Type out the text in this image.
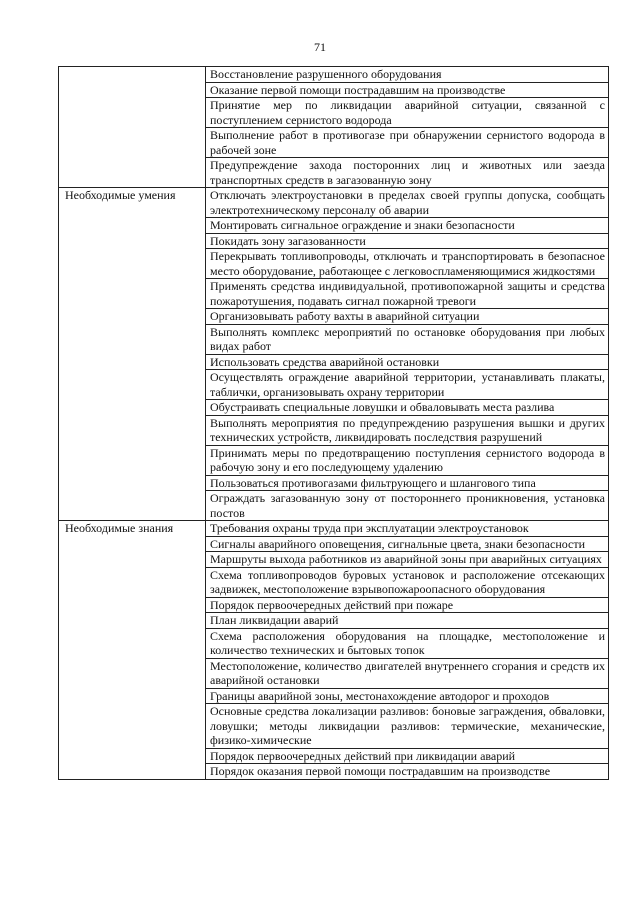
71
	Восстановление разрушенного оборудования
	Оказание первой помощи пострадавшим на производстве
	Принятие мер по ликвидации аварийной ситуации, связанной с поступлением сернистого водорода
	Выполнение работ в противогазе при обнаружении сернистого водорода в рабочей зоне
	Предупреждение захода посторонних лиц и животных или заезда транспортных средств в загазованную зону
Необходимые умения	Отключать электроустановки в пределах своей группы допуска, сообщать электротехническому персоналу об аварии
	Монтировать сигнальное ограждение и знаки безопасности
	Покидать зону загазованности
	Перекрывать топливопроводы, отключать и транспортировать в безопасное место оборудование, работающее с легковоспламеняющимися жидкостями
	Применять средства индивидуальной, противопожарной защиты и средства пожаротушения, подавать сигнал пожарной тревоги
	Организовывать работу вахты в аварийной ситуации
	Выполнять комплекс мероприятий по остановке оборудования при любых видах работ
	Использовать средства аварийной остановки
	Осуществлять ограждение аварийной территории, устанавливать плакаты, таблички, организовывать охрану территории
	Обустраивать специальные ловушки и обваловывать места разлива
	Выполнять мероприятия по предупреждению разрушения вышки и других технических устройств, ликвидировать последствия разрушений
	Принимать меры по предотвращению поступления сернистого водорода в рабочую зону и его последующему удалению
	Пользоваться противогазами фильтрующего и шлангового типа
	Ограждать загазованную зону от постороннего проникновения, установка постов
Необходимые знания	Требования охраны труда при эксплуатации электроустановок
	Сигналы аварийного оповещения, сигнальные цвета, знаки безопасности
	Маршруты выхода работников из аварийной зоны при аварийных ситуациях
	Схема топливопроводов буровых установок и расположение отсекающих задвижек, местоположение взрывопожароопасного оборудования
	Порядок первоочередных действий при пожаре
	План ликвидации аварий
	Схема расположения оборудования на площадке, местоположение и количество технических и бытовых топок
	Местоположение, количество двигателей внутреннего сгорания и средств их аварийной остановки
	Границы аварийной зоны, местонахождение автодорог и проходов
	Основные средства локализации разливов: боновые заграждения, обваловки, ловушки; методы ликвидации разливов: термические, механические, физико-химические
	Порядок первоочередных действий при ликвидации аварий
	Порядок оказания первой помощи пострадавшим на производстве
